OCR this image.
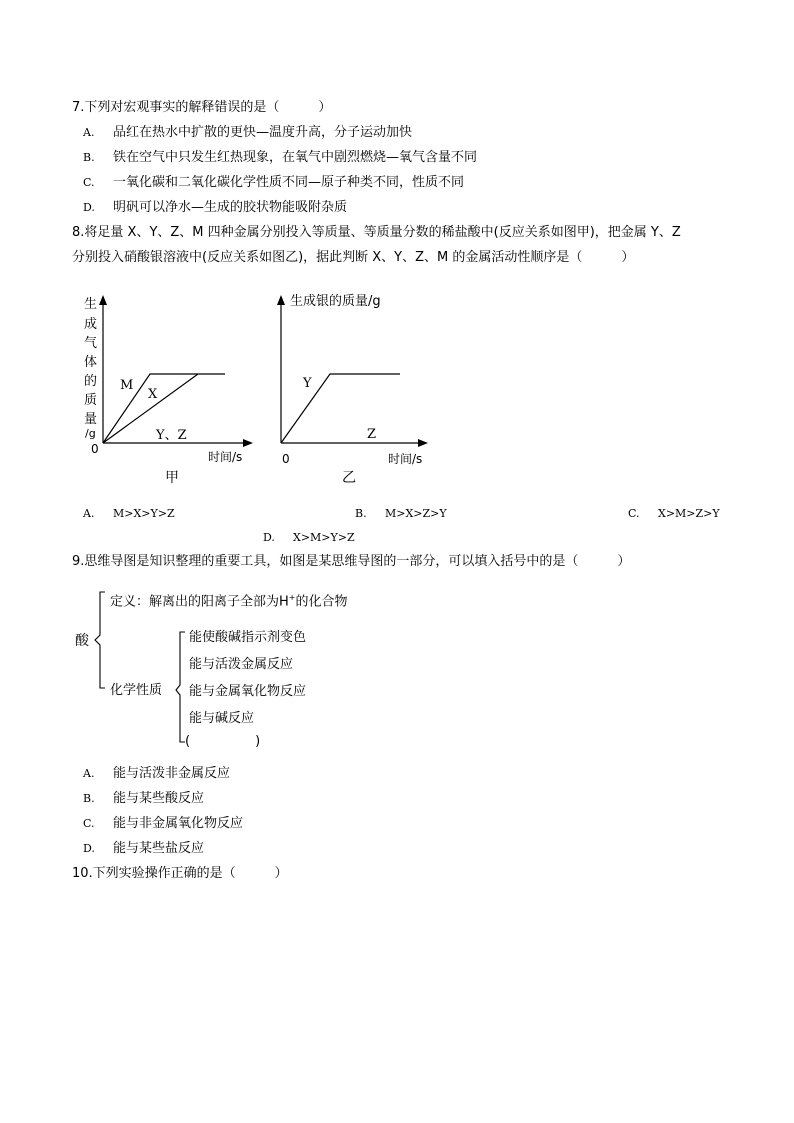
7.下列对宏观事实的解释错误的是（　　　）
A. 品红在热水中扩散的更快—温度升高，分子运动加快
B. 铁在空气中只发生红热现象，在氧气中剧烈燃烧—氧气含量不同
C. 一氧化碳和二氧化碳化学性质不同—原子种类不同，性质不同
D. 明矾可以净水—生成的胶状物能吸附杂质
8.将足量 X、Y、Z、M 四种金属分别投入等质量、等质量分数的稀盐酸中(反应关系如图甲)，把金属 Y、Z
分别投入硝酸银溶液中(反应关系如图乙)，据此判断 X、Y、Z、M 的金属活动性顺序是（　　　）
生
成
气
体
的
质
量
/g
M
X
Y、Z
0
时间/s
甲
生成银的质量/g
Y
Z
0	时间/s
乙
A. M>X>Y>Z	B. M>X>Z>Y	C. X>M>Z>Y
D. X>M>Y>Z
9.思维导图是知识整理的重要工具，如图是某思维导图的一部分，可以填入括号中的是（　　　）
酸
定义：解离出的阳离子全部为H+的化合物
化学性质
能使酸碱指示剂变色
能与活泼金属反应
能与金属氧化物反应
能与碱反应
(　　　　　)
A. 能与活泼非金属反应
B. 能与某些酸反应
C. 能与非金属氧化物反应
D. 能与某些盐反应
10.下列实验操作正确的是（　　　）
